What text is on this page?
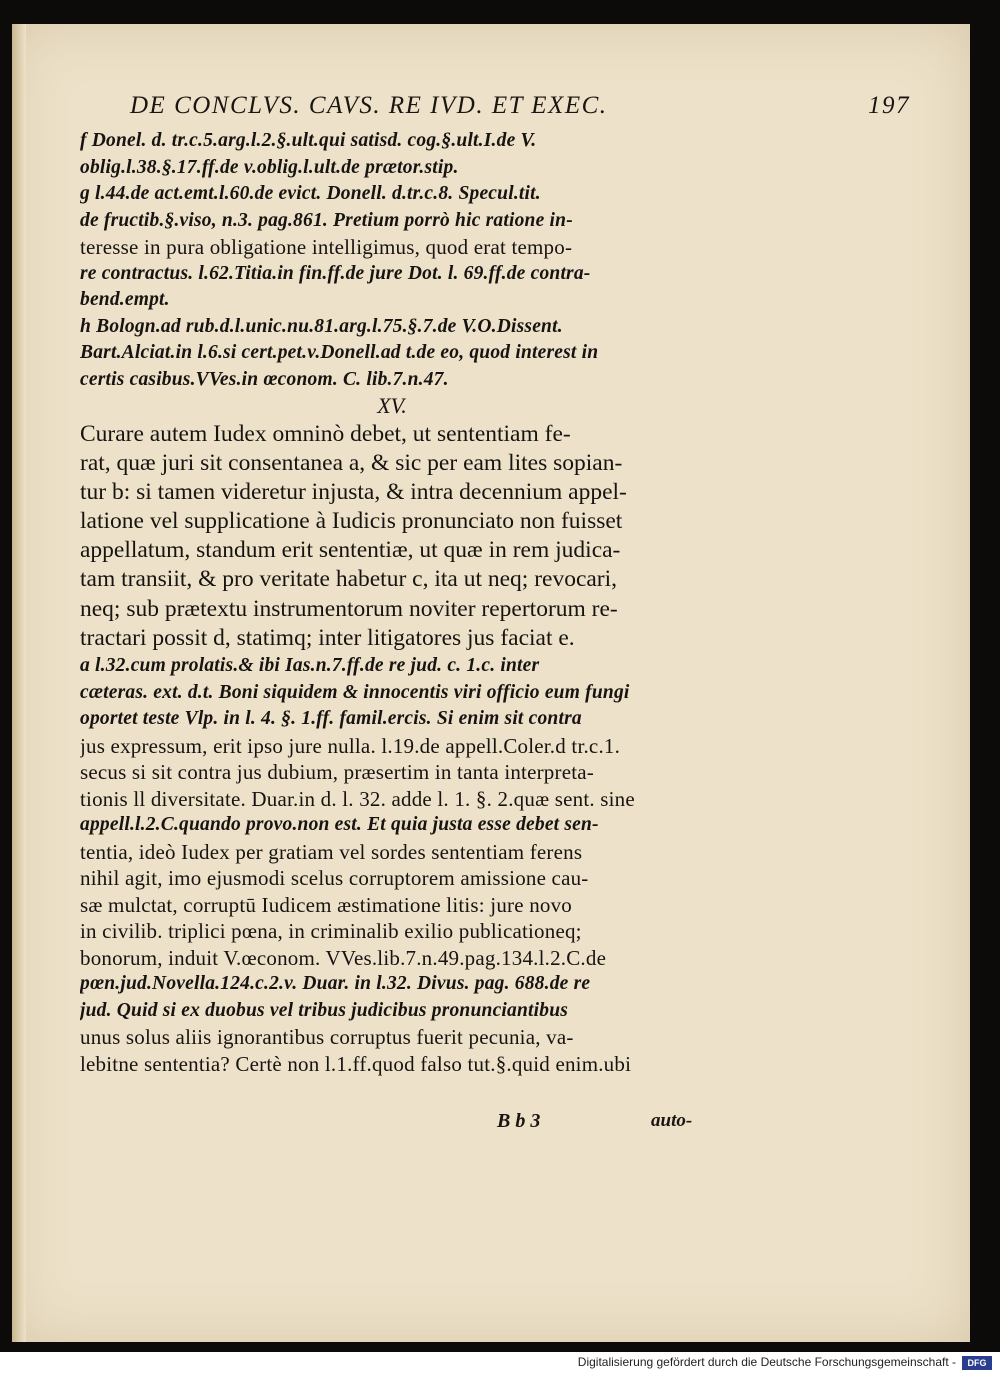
DE CONCLVS. CAVS. RE IVD. ET EXEC.	197
f Donel. d. tr.c.5.arg.l.2.§.ult.qui satisd. cog.§.ult.I.de V.
oblig.l.38.§.17.ff.de v.oblig.l.ult.de prætor.stip.
g l.44.de act.emt.l.60.de evict. Donell. d.tr.c.8. Specul.tit.
de fructib.§.viso, n.3. pag.861. Pretium porrò hic ratione in-
teresse in pura obligatione intelligimus, quod erat tempo-
re contractus. l.62.Titia.in fin.ff.de jure Dot. l. 69.ff.de contra-
bend.empt.
h Bologn.ad rub.d.l.unic.nu.81.arg.l.75.§.7.de V.O.Dissent.
Bart.Alciat.in l.6.si cert.pet.v.Donell.ad t.de eo, quod interest in
certis casibus.VVes.in œconom. C. lib.7.n.47.
XV.
Curare autem Iudex omninò debet, ut sententiam fe-
rat, quæ juri sit consentanea a, & sic per eam lites sopian-
tur b: si tamen videretur injusta, & intra decennium appel-
latione vel supplicatione à Iudicis pronunciato non fuisset
appellatum, standum erit sententiæ, ut quæ in rem judica-
tam transiit, & pro veritate habetur c, ita ut neq; revocari,
neq; sub prætextu instrumentorum noviter repertorum re-
tractari possit d, statimq; inter litigatores jus faciat e.
a l.32.cum prolatis.& ibi Ias.n.7.ff.de re jud. c. 1.c. inter
cæteras. ext. d.t. Boni siquidem & innocentis viri officio eum fungi
oportet teste Vlp. in l. 4. §. 1.ff. famil.ercis. Si enim sit contra
jus expressum, erit ipso jure nulla. l.19.de appell.Coler.d tr.c.1.
secus si sit contra jus dubium, præsertim in tanta interpreta-
tionis ll diversitate. Duar.in d. l. 32. adde l. 1. §. 2.quæ sent. sine
appell.l.2.C.quando provo.non est. Et quia justa esse debet sen-
tentia, ideò Iudex per gratiam vel sordes sententiam ferens
nihil agit, imo ejusmodi scelus corruptorem amissione cau-
sæ mulctat, corruptū Iudicem æstimatione litis: jure novo
in civilib. triplici pœna, in criminalib exilio publicationeq;
bonorum, induit V.œconom. VVes.lib.7.n.49.pag.134.l.2.C.de
pœn.jud.Novella.124.c.2.v. Duar. in l.32. Divus. pag. 688.de re
jud. Quid si ex duobus vel tribus judicibus pronunciantibus
unus solus aliis ignorantibus corruptus fuerit pecunia, va-
lebitne sententia? Certè non l.1.ff.quod falso tut.§.quid enim.ubi
B b 3	auto-
Digitalisierung gefördert durch die Deutsche Forschungsgemeinschaft -	DFG
